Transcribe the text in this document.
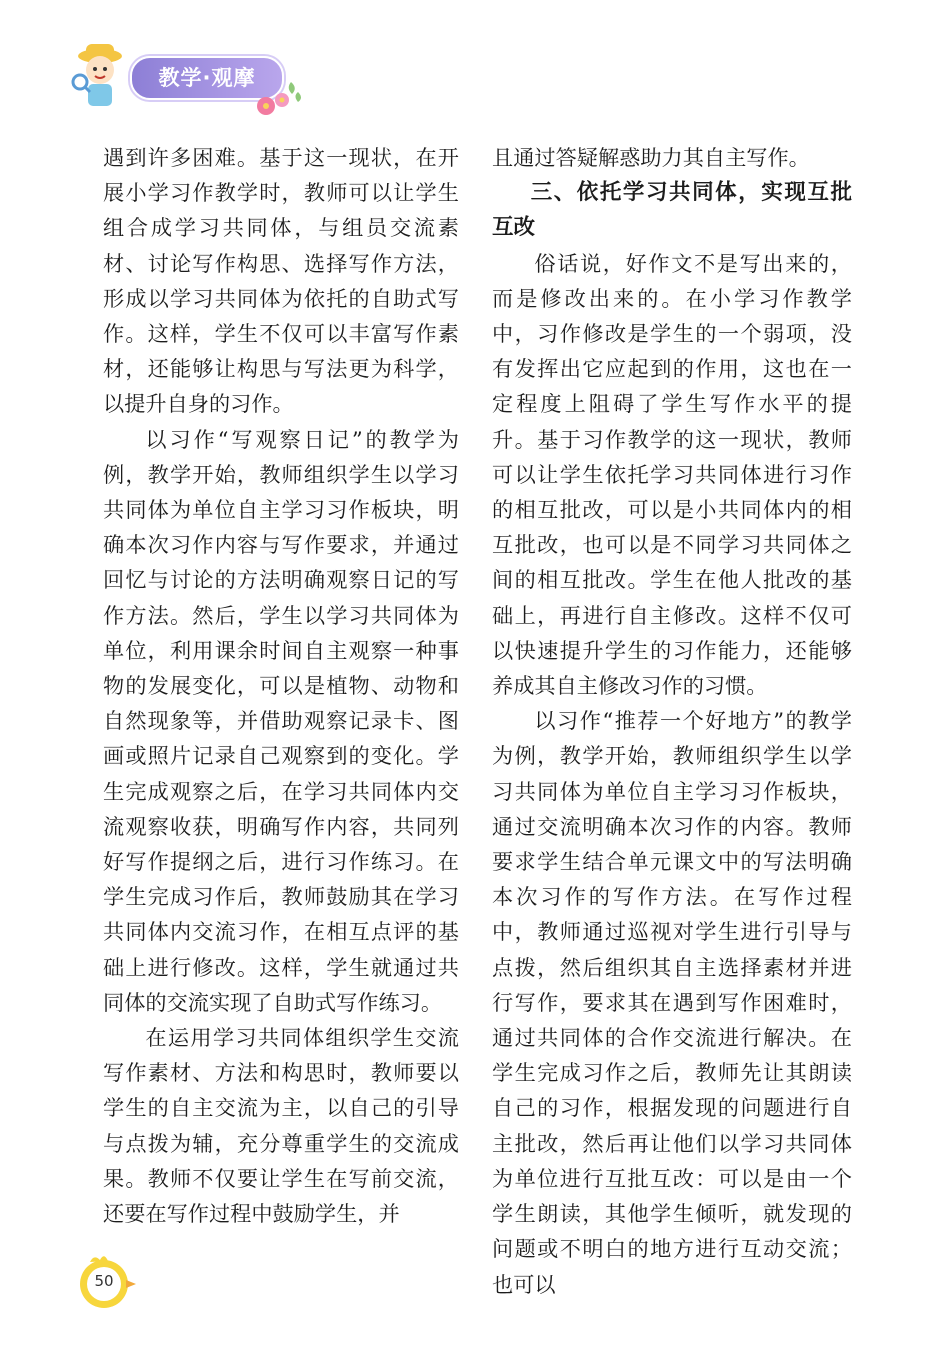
教学·观摩

遇到许多困难。基于这一现状，在开展小学习作教学时，教师可以让学生组合成学习共同体，与组员交流素材、讨论写作构思、选择写作方法，形成以学习共同体为依托的自助式写作。这样，学生不仅可以丰富写作素材，还能够让构思与写法更为科学，以提升自身的习作。

以习作“写观察日记”的教学为例，教学开始，教师组织学生以学习共同体为单位自主学习习作板块，明确本次习作内容与写作要求，并通过回忆与讨论的方法明确观察日记的写作方法。然后，学生以学习共同体为单位，利用课余时间自主观察一种事物的发展变化，可以是植物、动物和自然现象等，并借助观察记录卡、图画或照片记录自己观察到的变化。学生完成观察之后，在学习共同体内交流观察收获，明确写作内容，共同列好写作提纲之后，进行习作练习。在学生完成习作后，教师鼓励其在学习共同体内交流习作，在相互点评的基础上进行修改。这样，学生就通过共同体的交流实现了自助式写作练习。

在运用学习共同体组织学生交流写作素材、方法和构思时，教师要以学生的自主交流为主，以自己的引导与点拨为辅，充分尊重学生的交流成果。教师不仅要让学生在写前交流，还要在写作过程中鼓励学生，并

且通过答疑解惑助力其自主写作。

三、依托学习共同体，实现互批互改

俗话说，好作文不是写出来的，而是修改出来的。在小学习作教学中，习作修改是学生的一个弱项，没有发挥出它应起到的作用，这也在一定程度上阻碍了学生写作水平的提升。基于习作教学的这一现状，教师可以让学生依托学习共同体进行习作的相互批改，可以是小共同体内的相互批改，也可以是不同学习共同体之间的相互批改。学生在他人批改的基础上，再进行自主修改。这样不仅可以快速提升学生的习作能力，还能够养成其自主修改习作的习惯。

以习作“推荐一个好地方”的教学为例，教学开始，教师组织学生以学习共同体为单位自主学习习作板块，通过交流明确本次习作的内容。教师要求学生结合单元课文中的写法明确本次习作的写作方法。在写作过程中，教师通过巡视对学生进行引导与点拨，然后组织其自主选择素材并进行写作，要求其在遇到写作困难时，通过共同体的合作交流进行解决。在学生完成习作之后，教师先让其朗读自己的习作，根据发现的问题进行自主批改，然后再让他们以学习共同体为单位进行互批互改：可以是由一个学生朗读，其他学生倾听，就发现的问题或不明白的地方进行互动交流；也可以

50
